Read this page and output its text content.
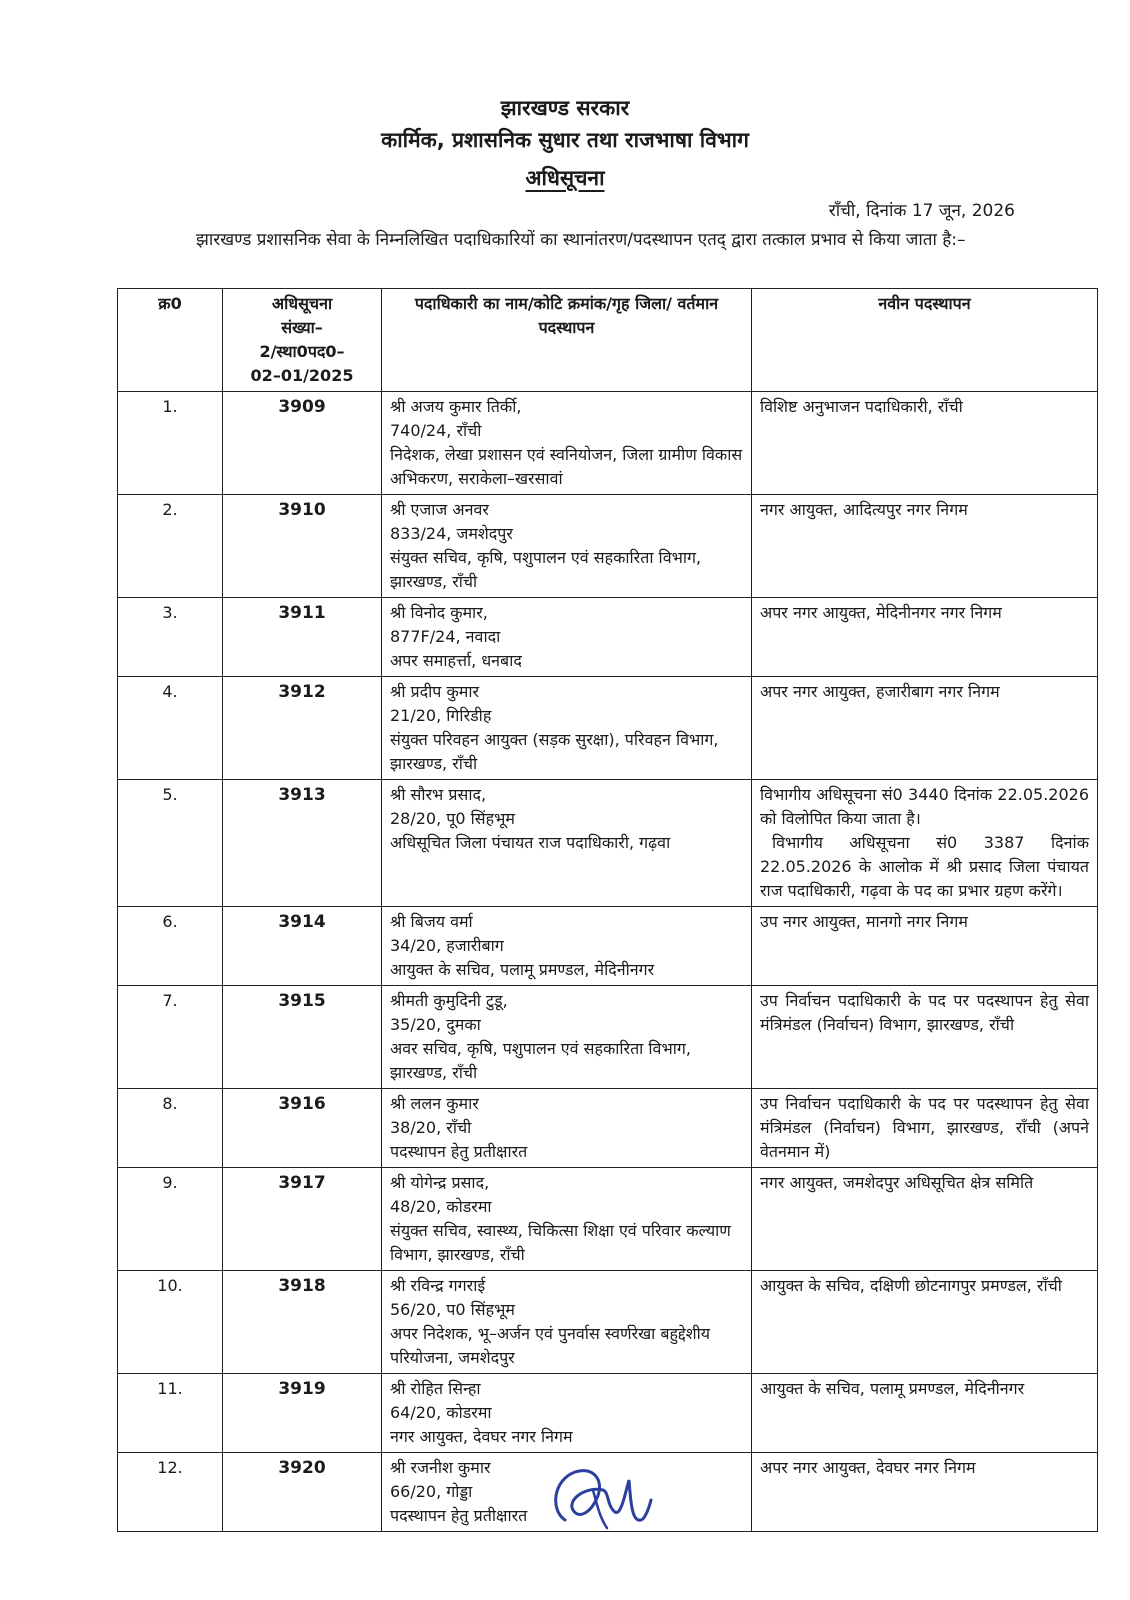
झारखण्ड सरकार
कार्मिक, प्रशासनिक सुधार तथा राजभाषा विभाग
अधिसूचना
राँची, दिनांक 17 जून, 2026
झारखण्ड प्रशासनिक सेवा के निम्नलिखित पदाधिकारियों का स्थानांतरण/पदस्थापन एतद् द्वारा तत्काल प्रभाव से किया जाता है:–
क्र0	अधिसूचना
संख्या–
2/स्था0पद0–
02–01/2025	पदाधिकारी का नाम/कोटि क्रमांक/गृह जिला/ वर्तमान पदस्थापन	नवीन पदस्थापन
1.	3909	श्री अजय कुमार तिर्की,
740/24, राँची
निदेशक, लेखा प्रशासन एवं स्वनियोजन, जिला ग्रामीण विकास अभिकरण, सराकेला–खरसावां	विशिष्ट अनुभाजन पदाधिकारी, राँची

2.	3910	श्री एजाज अनवर
833/24, जमशेदपुर
संयुक्त सचिव, कृषि, पशुपालन एवं सहकारिता विभाग, झारखण्ड, राँची	नगर आयुक्त, आदित्यपुर नगर निगम

3.	3911	श्री विनोद कुमार,
877F/24, नवादा
अपर समाहर्त्ता, धनबाद	अपर नगर आयुक्त, मेदिनीनगर नगर निगम

4.	3912	श्री प्रदीप कुमार
21/20, गिरिडीह
संयुक्त परिवहन आयुक्त (सड़क सुरक्षा), परिवहन विभाग, झारखण्ड, राँची	अपर नगर आयुक्त, हजारीबाग नगर निगम

5.	3913	श्री सौरभ प्रसाद,
28/20, पू0 सिंहभूम
अधिसूचित जिला पंचायत राज पदाधिकारी, गढ़वा	विभागीय अधिसूचना सं0 3440 दिनांक 22.05.2026 को विलोपित किया जाता है।
विभागीय अधिसूचना सं0 3387 दिनांक 22.05.2026 के आलोक में श्री प्रसाद जिला पंचायत राज पदाधिकारी, गढ़वा के पद का प्रभार ग्रहण करेंगे।

6.	3914	श्री बिजय वर्मा
34/20, हजारीबाग
आयुक्त के सचिव, पलामू प्रमण्डल, मेदिनीनगर	उप नगर आयुक्त, मानगो नगर निगम

7.	3915	श्रीमती कुमुदिनी टुडू,
35/20, दुमका
अवर सचिव, कृषि, पशुपालन एवं सहकारिता विभाग, झारखण्ड, राँची	उप निर्वाचन पदाधिकारी के पद पर पदस्थापन हेतु सेवा मंत्रिमंडल (निर्वाचन) विभाग, झारखण्ड, राँची

8.	3916	श्री ललन कुमार
38/20, राँची
पदस्थापन हेतु प्रतीक्षारत	उप निर्वाचन पदाधिकारी के पद पर पदस्थापन हेतु सेवा मंत्रिमंडल (निर्वाचन) विभाग, झारखण्ड, राँची (अपने वेतनमान में)

9.	3917	श्री योगेन्द्र प्रसाद,
48/20, कोडरमा
संयुक्त सचिव, स्वास्थ्य, चिकित्सा शिक्षा एवं परिवार कल्याण विभाग, झारखण्ड, राँची	नगर आयुक्त, जमशेदपुर अधिसूचित क्षेत्र समिति

10.	3918	श्री रविन्द्र गगराई
56/20, प0 सिंहभूम
अपर निदेशक, भू–अर्जन एवं पुनर्वास स्वर्णरेखा बहुद्देशीय परियोजना, जमशेदपुर	आयुक्त के सचिव, दक्षिणी छोटनागपुर प्रमण्डल, राँची

11.	3919	श्री रोहित सिन्हा
64/20, कोडरमा
नगर आयुक्त, देवघर नगर निगम	आयुक्त के सचिव, पलामू प्रमण्डल, मेदिनीनगर

12.	3920	श्री रजनीश कुमार
66/20, गोड्डा
पदस्थापन हेतु प्रतीक्षारत	अपर नगर आयुक्त, देवघर नगर निगम
